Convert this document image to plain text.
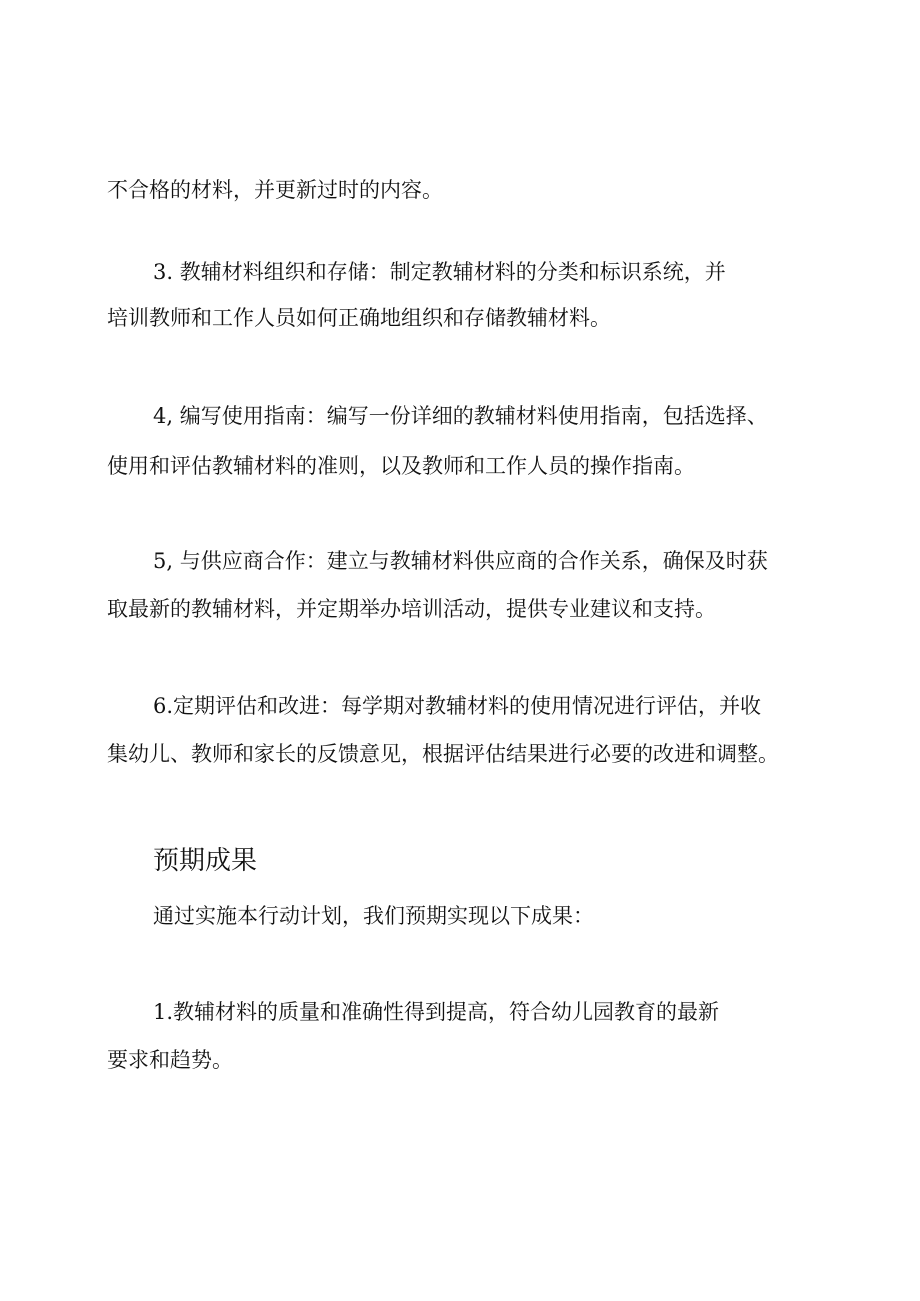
不合格的材料，并更新过时的内容。
3. 教辅材料组织和存储：制定教辅材料的分类和标识系统，并
培训教师和工作人员如何正确地组织和存储教辅材料。
4, 编写使用指南：编写一份详细的教辅材料使用指南，包括选择、
使用和评估教辅材料的准则，以及教师和工作人员的操作指南。
5, 与供应商合作：建立与教辅材料供应商的合作关系，确保及时获
取最新的教辅材料，并定期举办培训活动，提供专业建议和支持。
6.定期评估和改进：每学期对教辅材料的使用情况进行评估，并收
集幼儿、教师和家长的反馈意见，根据评估结果进行必要的改进和调整。
预期成果
通过实施本行动计划，我们预期实现以下成果：
1.教辅材料的质量和准确性得到提高，符合幼儿园教育的最新
要求和趋势。
